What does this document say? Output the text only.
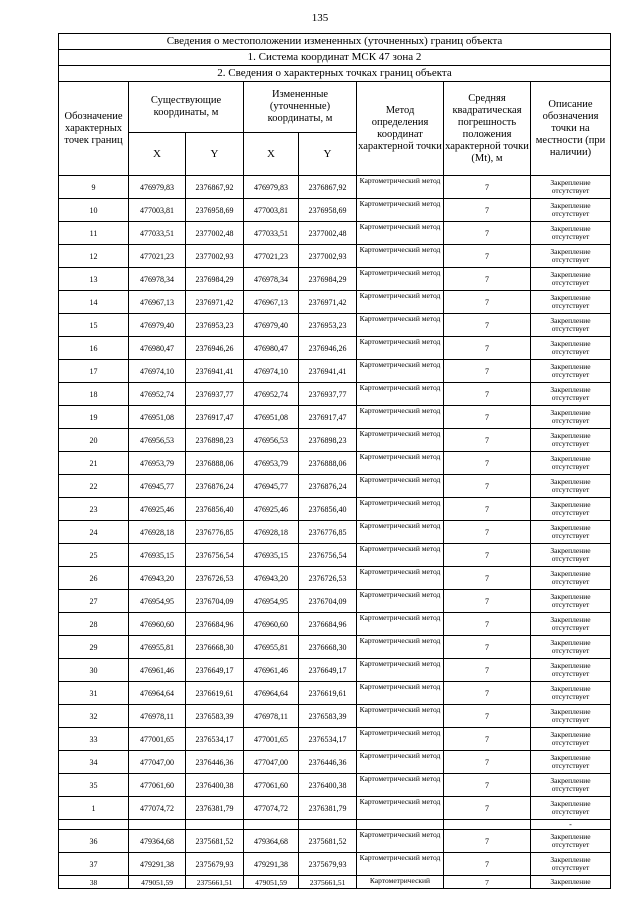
135
Сведения о местоположении измененных (уточненных) границ объекта							
1. Система координат МСК 47 зона 2							
2. Сведения о характерных точках границ объекта							
Обозначение характерных точек границ	Существующие координаты, м		Измененные (уточненные) координаты, м		Метод определения координат характерной точки	Средняя квадратическая погрешность положения характерной точки (Mt), м	Описание обозначения точки на местности (при наличии)
	X	Y	X	Y			
9	476979,83	2376867,92	476979,83	2376867,92	Картометрический метод	7	Закрепление отсутствует
10	477003,81	2376958,69	477003,81	2376958,69	Картометрический метод	7	Закрепление отсутствует
11	477033,51	2377002,48	477033,51	2377002,48	Картометрический метод	7	Закрепление отсутствует
12	477021,23	2377002,93	477021,23	2377002,93	Картометрический метод	7	Закрепление отсутствует
13	476978,34	2376984,29	476978,34	2376984,29	Картометрический метод	7	Закрепление отсутствует
14	476967,13	2376971,42	476967,13	2376971,42	Картометрический метод	7	Закрепление отсутствует
15	476979,40	2376953,23	476979,40	2376953,23	Картометрический метод	7	Закрепление отсутствует
16	476980,47	2376946,26	476980,47	2376946,26	Картометрический метод	7	Закрепление отсутствует
17	476974,10	2376941,41	476974,10	2376941,41	Картометрический метод	7	Закрепление отсутствует
18	476952,74	2376937,77	476952,74	2376937,77	Картометрический метод	7	Закрепление отсутствует
19	476951,08	2376917,47	476951,08	2376917,47	Картометрический метод	7	Закрепление отсутствует
20	476956,53	2376898,23	476956,53	2376898,23	Картометрический метод	7	Закрепление отсутствует
21	476953,79	2376888,06	476953,79	2376888,06	Картометрический метод	7	Закрепление отсутствует
22	476945,77	2376876,24	476945,77	2376876,24	Картометрический метод	7	Закрепление отсутствует
23	476925,46	2376856,40	476925,46	2376856,40	Картометрический метод	7	Закрепление отсутствует
24	476928,18	2376776,85	476928,18	2376776,85	Картометрический метод	7	Закрепление отсутствует
25	476935,15	2376756,54	476935,15	2376756,54	Картометрический метод	7	Закрепление отсутствует
26	476943,20	2376726,53	476943,20	2376726,53	Картометрический метод	7	Закрепление отсутствует
27	476954,95	2376704,09	476954,95	2376704,09	Картометрический метод	7	Закрепление отсутствует
28	476960,60	2376684,96	476960,60	2376684,96	Картометрический метод	7	Закрепление отсутствует
29	476955,81	2376668,30	476955,81	2376668,30	Картометрический метод	7	Закрепление отсутствует
30	476961,46	2376649,17	476961,46	2376649,17	Картометрический метод	7	Закрепление отсутствует
31	476964,64	2376619,61	476964,64	2376619,61	Картометрический метод	7	Закрепление отсутствует
32	476978,11	2376583,39	476978,11	2376583,39	Картометрический метод	7	Закрепление отсутствует
33	477001,65	2376534,17	477001,65	2376534,17	Картометрический метод	7	Закрепление отсутствует
34	477047,00	2376446,36	477047,00	2376446,36	Картометрический метод	7	Закрепление отсутствует
35	477061,60	2376400,38	477061,60	2376400,38	Картометрический метод	7	Закрепление отсутствует
1	477074,72	2376381,79	477074,72	2376381,79	Картометрический метод	7	Закрепление отсутствует
							-
36	479364,68	2375681,52	479364,68	2375681,52	Картометрический метод	7	Закрепление отсутствует
37	479291,38	2375679,93	479291,38	2375679,93	Картометрический метод	7	Закрепление отсутствует
38	479051,59	2375661,51	479051,59	2375661,51	Картометрический	7	Закрепление
